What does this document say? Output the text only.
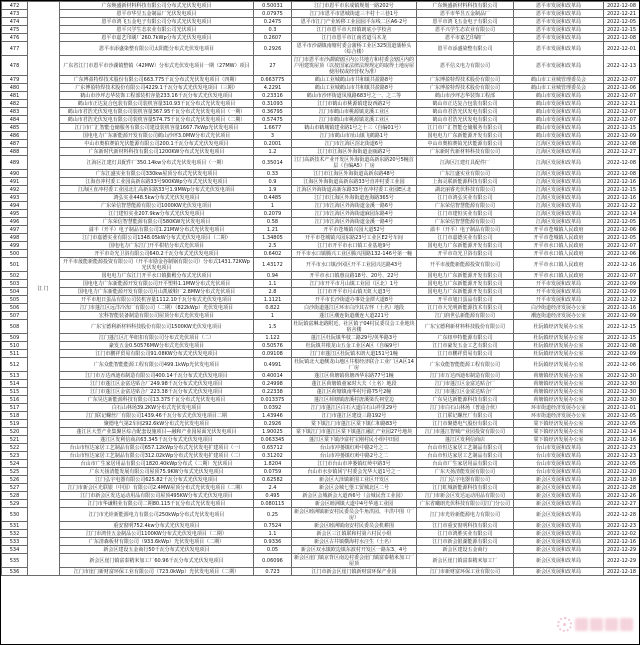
472	江门	广东焕盛新材料科技有限公司分布式光伏发电项目	0.50031	江门市恩平市东成镇规划一路202号	广东焕盛新材料科技有限公司	恩平市发展和改革局	2022-12-08
473		恩平市华昱五金制品厂光伏发电项目	0.07975	江门市恩平市恩城街道三丰村十三巷1号	恩平市华昱五金制品厂	恩平市发展和改革局	2022-12-21
474		恩平市鸿飞五金电子有限公司分布式光伏发电项目	0.2475	恩平市江门产业转移工业园园平东线二区A6-2号	恩平市鸿飞五金电子有限公司	恩平市发展和改革局	2022-12-05
475		恩平兴学生态农业有限公司光伏项目	0.3	江门市恩平市大田镇朗底小学校舍	恩平兴学生态农业有限公司	恩平市发展和改革局	2022-12-15
476		恩平市嘉艺印刷厂260.7kWp分布式光伏发电项目	0.2607	江门市恩平市江南省道马木龙	恩平市嘉艺印刷厂	恩平市发展和改革局	2022-12-08
477		恩平市添盛染整有限公司太阳能分布式光伏发电项目	0.2926	恩平市沙湖镇南塘村委会蒲桥工业区325国道蒲桥头（综合楼）	恩平市添盛染整有限公司	恩平市发展和改革局	2022-12-01
478		广东省江门市恩平市沙湖镇整镇（42MW）分布式光伏发电项目一期（27MW）项目	27	江门市恩平市沙湖镇辖区内公共地方和村委会辖区内的户用建筑屋顶（以按国家法律法规规定的取得土地房屋使用权或经营权为准）	恩平信义电力有限公司	恩平市发展和改革局	2022-12-13
479		广东博盈特焊技术股份有限公司663.775千瓦分布式光伏发电项目（四期）	0.663775	鹤山工业城鹤山市共和镇共盈路8号	广东博盈特焊技术股份有限公司	鹤山市工业城管理委员会	2022-12-07
480		广东博盈特焊技术股份有限公司4229.1千瓦分布式光伏发电项目（三期）	4.2291	鹤山工业城鹤山市共和镇共盈路8号	广东博盈特焊技术股份有限公司	鹤山市工业城管理委员会	2022-12-06
481		鹤山市沙坪志华装饰工程部装机容量233.16千瓦分布式光伏发电项目	0.23316	鹤山市沙坪街道凤凰路683号之一、之二等	鹤山市沙坪志华装饰工程部	鹤山市发展和改革局	2022-12-07
482		鹤山市正达复合包装有限公司装机容量310.93千瓦分布式光伏发电项目	0.31093	江门市鹤山市桃源镇建设西路2号	鹤山市正达复合包装有限公司	鹤山市发展和改革局	2022-12-21
483		鹤山市君浩光伏发电有限公司装机容量367.95千瓦分布式光伏发电项目（一期）	0.36795	江门市鹤山市桃源镇龙溪工业区	鹤山市君浩光伏发电有限公司	鹤山市发展和改革局	2022-12-07
484		鹤山市君浩光伏发电有限公司装机容量574.75千瓦分布式光伏发电项目（二期）	0.57475	江门市鹤山市桃源镇龙溪工业区	鹤山市君浩光伏发电有限公司	鹤山市发展和改革局	2022-12-07
485		江门市广汇智能仓储服务有限公司建设装机容量1667.7kWp光伏发电项目	1.6677	鹤山市鹤城镇建业路1号之十三（自编01号）	江门市广汇智能仓储服务有限公司	鹤山市发展和改革局	2022-12-15
486		国电电力广东新能源开发有限公司鹤山沙坪3.0MW分布式光伏项目	3	江门市鹤山市址山镇飞鹤路1号	国电电力广东新能源开发有限公司	鹤山市发展和改革局	2022-12-09
487		中山市奥柏赛铂光伏能源有限公司200.1千瓦分布式光伏发电项目	0.2001	江门市江海区滘北街道6号	中山市奥柏赛铂光伏能源有限公司	江海区发展和改革局	2022-12-08
488		广东新时代新材料科技有限公司1200KW分布式光伏发电项目	1.2	江门市江海区外海街道金瓯路2号	广东新时代新材料科技有限公司	江海区发展和改革局	2022-12-27
489		江海区江建灯具配件厂350.14kw分布式光伏发电项目（一期）	0.35014	江门高新技术产业开发区外海街道高新东路20号5幢首层（自编A5）厂房	江海区江建灯具配件厂	江海区发展和改革局	2022-12-08
490		广东江盛实业有限公司330kw屋顶分布式光伏发电项目	0.33	江门市江海区外海街道高新东路48号	广东江盛实业有限公司	江海区发展和改革局	2022-12-08
491		江海直冲村委工业园高新东路33号900KWp分布式光伏发电项目	0.9	江海区外海街道高新东路33号直冲村委工业园	上海灵联新能源科技有限公司	江海区发展和改革局	2022-12-16
492		江海区直冲村委工业园北汇高新东路33号1.9MWp分布式光伏发电项目	1.9	江海区外海街道高新东路33号直冲村委工业园E区北	湖北丽睿光伏科技有限公司	江海区发展和改革局	2022-12-15
493		鸿弘实业448.5kw分布式光伏发电项目	0.4485	江门市江海区外海街道连海路365号	江门市鸿弘实业有限公司	江海区发展和改革局	2022-12-16
494		广东荣信智慧能源有限公司1000KW光伏发电项目	1	江门市江海区外海街道金溪一路6号	广东荣信智慧能源有限公司	江海区发展和改革局	2022-12-22
495		江门建恒实业207.9kw分布式光伏发电项目	0.2079	江门市江海区外海街道麻园东路4号	江门市建恒实业有限公司	江海区发展和改革局	2022-12-14
496		广东荣信智慧能源有限公司580KW光伏发电项目	0.58	江门市江海区外海街道金溪一路4号	广东荣信智慧能源有限公司	江海区发展和改革局	2022-12-05
497		溢丰（开平）电子制品有限公司1.21MW分布式光伏发电项目	1.21	开平市苍城镇兴园大道52号	溢丰（开平）电子制品有限公司	开平市苍城镇人民政府	2022-12-06
498		江门市嘉德实业有限公司1348.05kW分布式光伏发电项目（二期）	1.34805	开平市苍城镇兴园东路23号工业区E2号车间	江门市嘉德实业有限公司	开平市苍城镇人民政府	2022-12-05
499		国电电力广东江门开平柑桔分布式光伏项目	2.5	江门市开平市水口镇工业基地9号	国电电力广东新能源开发有限公司	开平市水口镇人民政府	2022-12-07
500		开平市奇光卫浴有限公司640.2千瓦分布式光伏发电项目	0.6402	开平市水口镇腾兴工业区腾兴围路132-146号第一幢	开平市奇光卫浴有限公司	开平市水口镇人民政府	2022-12-06
501		开平市晟能新能源投资有限公司（开平市励金谷制锅有限公司）分布式1431.72KWp光伏发电项目	1.43172	开平市水口镇沙冈区开平工业园兴达路43号	开平市晟能新能源投资有限公司	开平市水口镇人民政府	2022-12-16
502		国电电力广东江门开平水口镇勤殿分布式光伏项目	0.94	开平市水口镇惠良路18号、20号、22号	国电电力广东新能源开发有限公司	开平市水口镇人民政府	2022-12-07
503		国电电力广东新能源开发有限公司开平塑料1.1MW分布式光伏项目	1.1	江门市开平市月山镇工业园（区北）1号	国电电力广东新能源开发有限公司	开平市发展和改革局	2022-12-09
504		国电电力广东新能源开发有限公司月山凯敏鞋厂2.8MW分布式光伏项目	2.8	江门市开平市月山镇天虹大道3号	国电电力广东新能源开发有限公司	开平市发展和改革局	2022-12-09
505		开平市旭日蛋品有限公司装机容量1112.10千瓦分布式光伏发电项目	1.1121	开平市长沙街道办事处金潭大道8号	开平市旭日蛋品有限公司	开平市发展和改革局	2022-12-12
506		江门市蓬江区远洋冷冻厂有限公司（二期）（822kWp）光伏发电项目	0.822	白沙街道蓬江区环市白沙其古怦（土名）地段	江门市大光明新能源技术有限公司	白沙街道经济发展办公室	2022-12-16
507		宏科智能装备制造有限公司屋顶分布式光伏发电项目	1	蓬江区潮连街道潮连大道221号	江门润世弘新能源有限公司	潮连街道经济发展办公室	2022-12-09
508		广东宝德利新材料科技股份有限公司1500KW光伏发电项目	1.5	杜阮镇富琳北路附近、社区镇子04村民委员会工业地块宿舍楼	广东宝德利新材料科技股份有限公司	杜阮镇经济发展办公室	2022-12-15
509		江门蓬江区汇华纽扣有限公司分布式光伏项目（二）	1.122	蓬江区杜阮镇华枝二路29号/英华路3号	广东纽申特能源有限公司	杜阮镇经济发展办公室	2022-12-15
510		豪发五金0.50576MW分布式光伏发电项目	0.50576	杜阮镇井根龙山五金工业区A区（自编9号）	江门市豪发五金工艺有限公司	杜阮镇经济发展办公室	2022-12-08
511		江门市鹏祥贸易有限公司91.08KW分布式光伏发电项目	0.09108	江门市蓬江区杜阮镇木朗大道151号1幢	江门市鹏祥贸易有限公司	杜阮镇经济发展办公室	2022-12-09
512		广东众能智能能源工程有限公司499.1kWp光伏发电项目	0.4991	杜阮镇北大道侧龙山地区井根经济联合工业厂区A区14厂房	广东众能智能能源工程有限公司	杜阮镇经济发展办公室	2022-12-06
513		江门市万达西迪布制造有限公司400.14千瓦分布式光伏发电项目	0.40014	蓬江区荷塘镇荷塘西华东路77号1幢	江门市万达西迪布制造有限公司	荷塘镇经济发展办公室	2022-12-30
514		江门市蓬江区金富达贴合厂249.98千瓦分布式光伏发电项目	0.24998	蓬江区荷塘镇童家时大夫（土名）地段	江门市蓬江区金富达贴合厂	荷塘镇经济发展办公室	2022-12-30
515		江门市蓬江区金富达贴合厂223.38千瓦分布式光伏发电项目	0.22338	蓬江区荷塘镇南华村圩路75号2幢	江门市蓬江区金富达贴合厂	荷塘镇经济发展办公室	2022-12-30
516		广东昊达新能源科技有限公司13.375千瓦分布式光伏发电项目	0.013375	蓬江区荷塘镇唐溪村唐溪梁氏祠堂边	广东昊达新能源科技有限公司	荷塘镇经济发展办公室	2022-12-30
517		白石山林场39.2KW分布式光伏发电项目	0.0392	江门市蓬江区白石大道白石山祥里29号	江门市白石山林场（普通合伙）	环市街道经济发展办公室	2022-12-01
518		江门联记螺丝厂有限公司1439.46千瓦分布式光伏发电项目二期	1.43946	江门市蓬江区建设三路192号	江门联记螺丝厂有限公司	环市街道经济发展办公室	2022-12-05
519		聚德电气第2车间292.6kW分布式光伏发电项目	0.2926	棠下镇江门市蓬江区棠下镇仁和路83号	江门市聚德电气股份有限公司	棠下镇经济发展办公室	2022-12-05
520		蓬江区大型产业集聚区综合配套设施项目—融和产业园屋面光伏发电项目	1.90025	棠下镇江门市蓬江区棠下镇蓬江融汇产业园27号地块	江门市蓬江智城产业园投资有限公司	棠下镇经济发展办公室	2022-12-14
521		蓬江区发利信商店63.345千瓦分布式光伏发电项目	0.063345	蓬江区棠下镇沙富村宝刚村民小组中田园	蓬江区发利信商店	棠下镇经济发展办公室	2022-12-16
522		台山市恒达家居工艺制品有限公司657.12kWp分布式光伏发电扩建项目（一）	0.65712	台山市冲蒌镇红岭中路2号之二	台山市恒达家居工艺制品有限公司	台山市发展和改革局	2022-12-23
523		台山市恒达家居工艺制品有限公司312.02kWp分布式光伏发电扩建项目（二）	0.31202	台山市冲蒌镇红岭中路2号之二	台山市恒达家居工艺制品有限公司	台山市发展和改革局	2022-12-23
524		台山市广生家居用品有限公司1820.40kWp分布式（二期）光伏项目	1.8204	江门市台山市冲蒌镇红岭中路3号	台山市广生家居用品有限公司	台山市发展和改革局	2022-12-05
525		广东天扬清能发展有限公司屋顶75.9KW分布式光伏发电项目	0.0759	台山市水步镇冈宁村委会光华大道1号之一	广东天扬清能发展有限公司	台山市发展和改革局	2022-12-20
526		江门弘宇电器有限公司625.82千瓦分布式光伏发电项目	0.62582	新会区大泽镇新围工业区开发区	江门弘宇电器有限公司	新会区发展和改革局	2022-12-18
527		江门市新会区光联银（中国）有限公司2.4MW屋顶分布式光伏发电项目（二期）	2.4	新会区会城七堡工贸城北区二号	江门虹城新能源科技有限公司	新会区发展和改革局	2022-12-28
528		江门市新会区发达运动用品有限公司屋顶495KW分布式光伏发电项目	0.495	新会区会城新会大道西6号（会城民营工业园）	江门市新会区发达运动用品有限公司	新会区发展和改革局	2022-12-26
529		江门市华谦鞋业有限公司二期80.115千瓦分布式光伏发电项目	0.080115	新会区睦洲镇大道中4号华通工业园	广东省曦朗光伏科技有限公司江门分公司	新会区发展和改革局	2022-12-27
530		江门市光铨新能源电力有限公司250kWp分布式光伏发电项目	0.25	新会区睦洲镇新安村民委员会牛角洪园、丰洪中围（厂房）	江门市光铨新能源电力有限公司	新会区发展和改革局	2022-12-28
531		重安窗明752.4kw分布式光伏发电项目	0.7524	新会区睦洲镇南安村民委员会机耕围	江门市重安窗明科技有限公司	新会区发展和改革局	2022-12-23
532		江门市鸿佳五金制品公司1100KW分布式光伏发电项目（二期）	1.1	新会区三江镇联和村第六村民小组	江门市鸿胜实业有限公司	新会区发展和改革局	2022-12-02
533		广东清森板材有限公司（933.6kWp）光伏发电项目（二期）	0.9336	新会区古井镇横海村水汪生（土名）	江门市新会银湖能源有限公司	新会区发展和改革局	2022-12-16
534		新会区建设五金商行50千瓦分布式光伏发电项目	0.05	新会区双水镇欧边镇东波村开发区一路东3、4号	新会区建设五金商行	新会区发展和改革局	2022-12-29
535		新会区崖门镇富泰精米加工厂60.96千瓦分布式光伏发电项目	0.06096	新会区崖门镇京背区南边村委会崖门镇富泰精米加工厂屋顶	新会区崖门镇富泰精米加工厂	新会区发展和改革局	2022-12-29
536		江门市崖门新财富环保工业有限公司（723.0kWp）光伏发电项目（二期）	0.723	江门市新会区崖门镇新财富环保产业园	江门市新财富环保工业有限公司	新会区发展和改革局	2022-12-18
